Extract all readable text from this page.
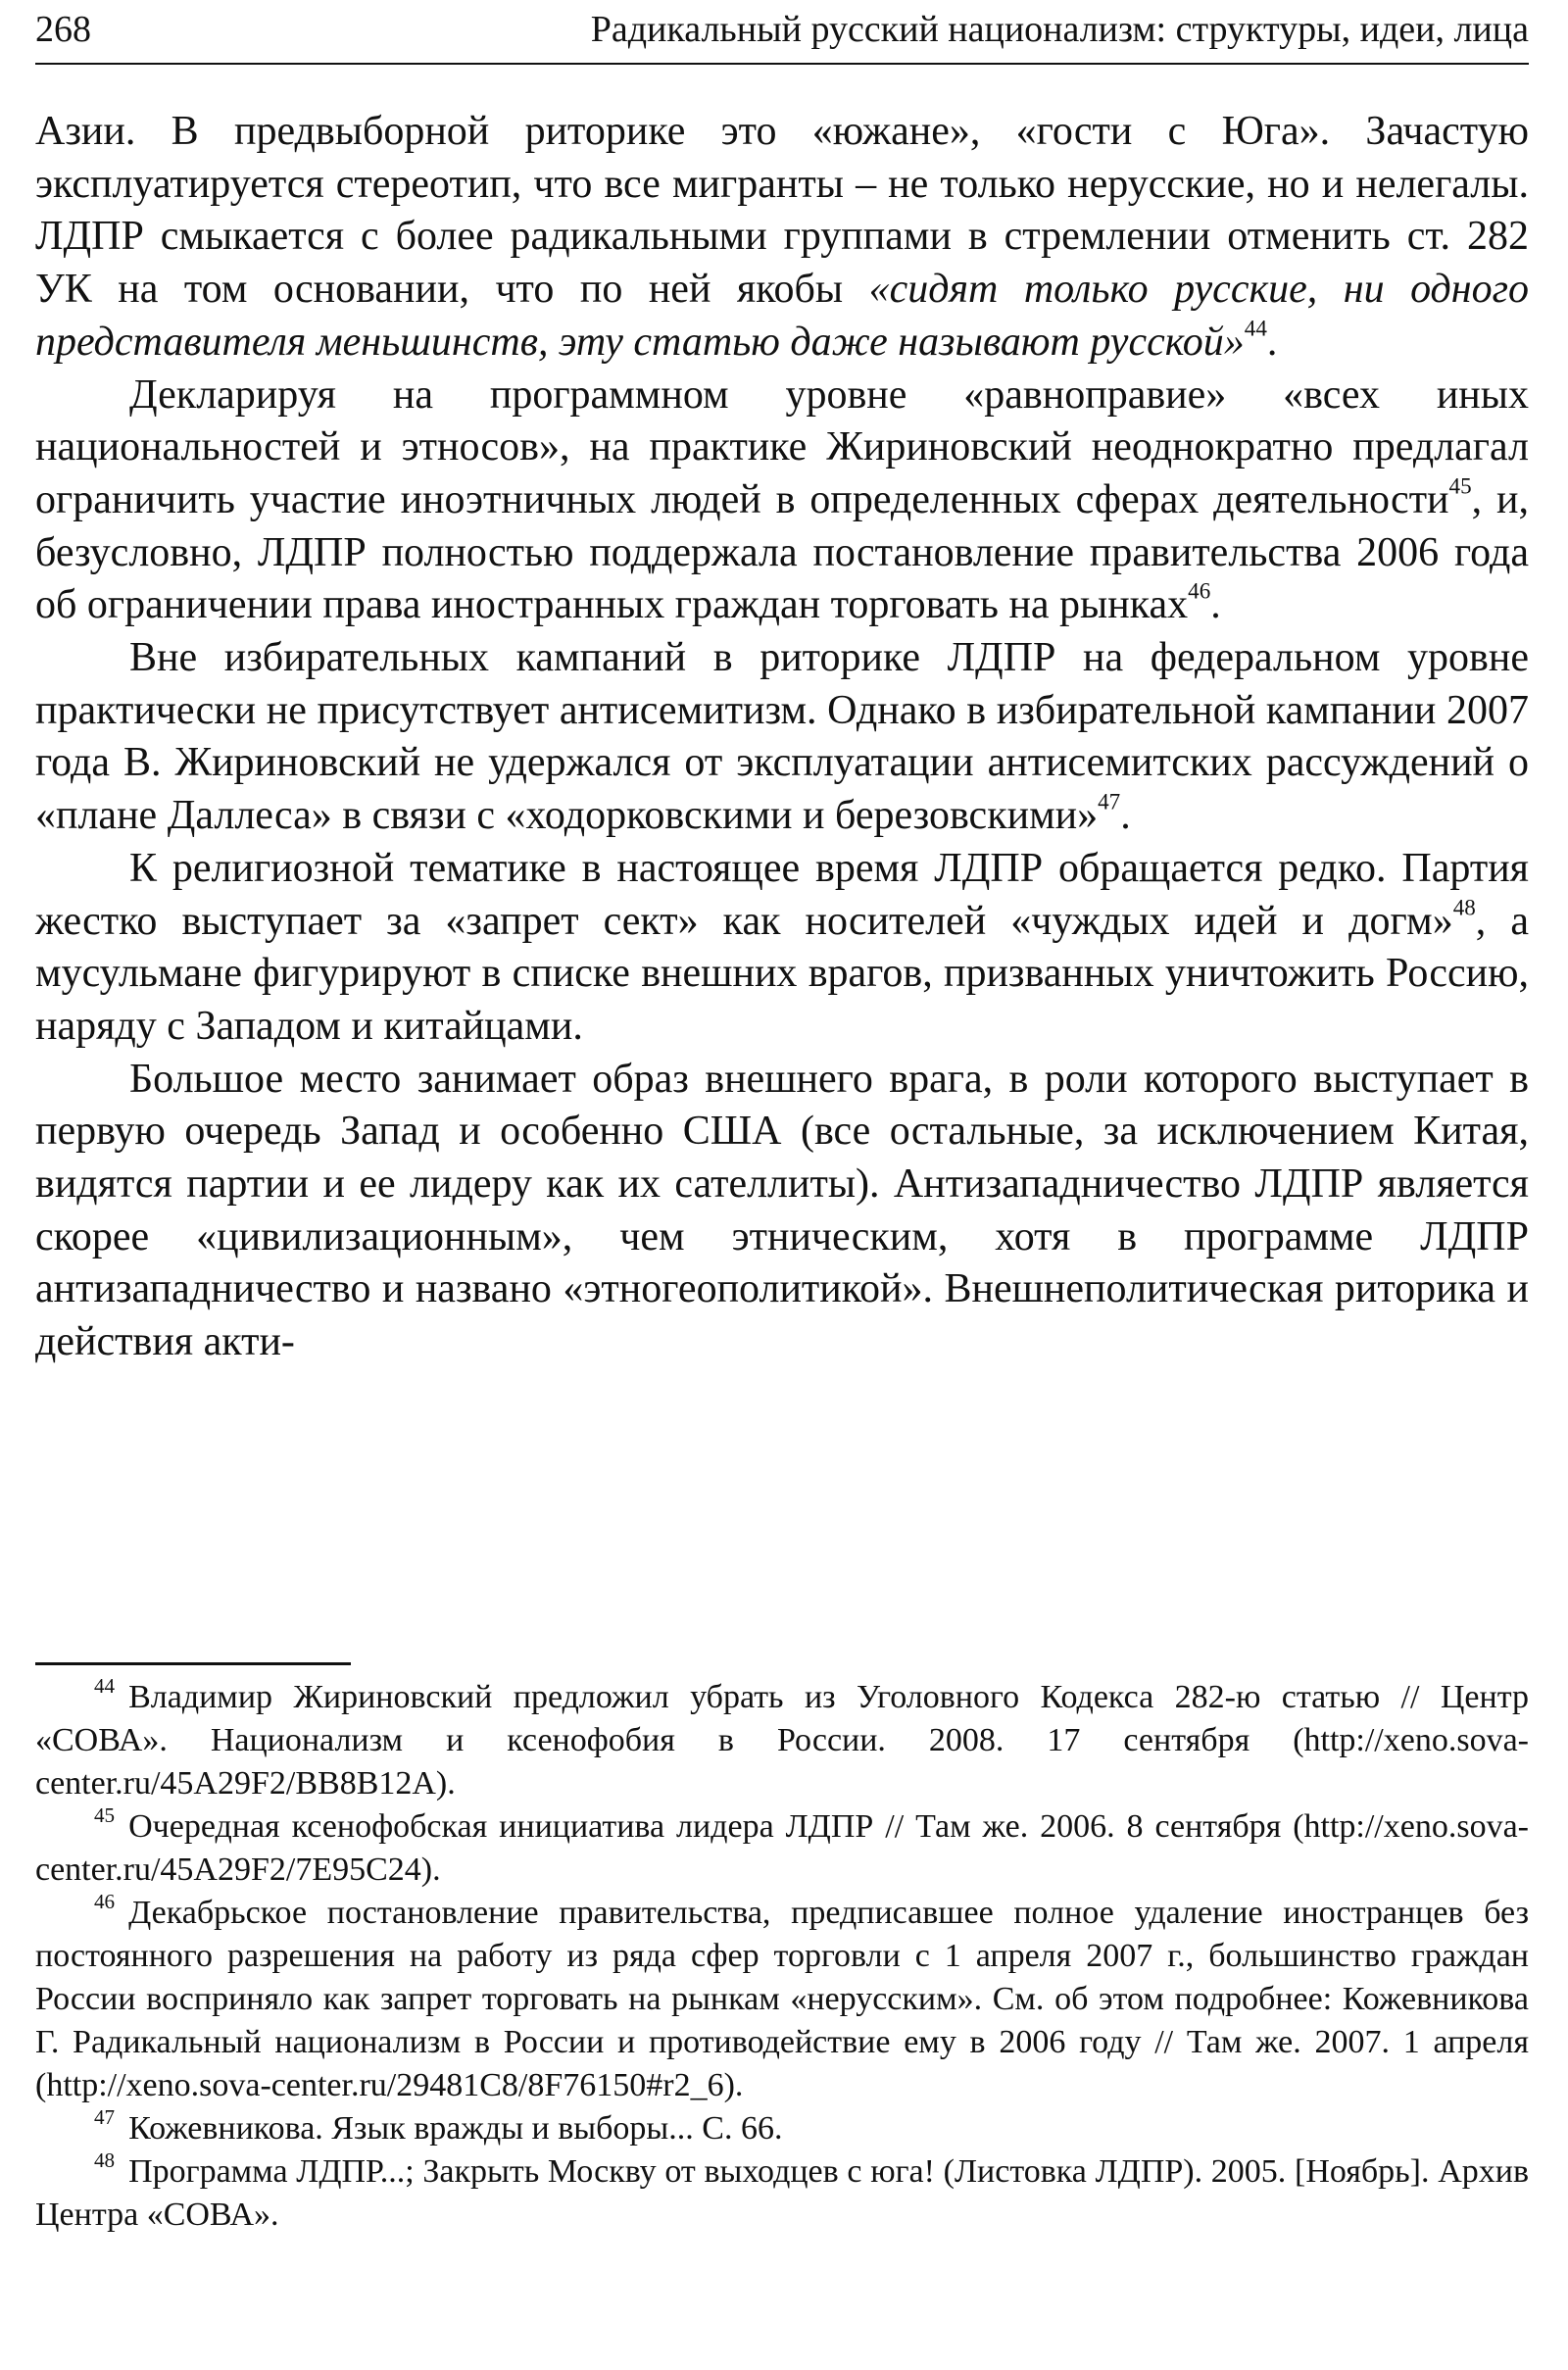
268	Радикальный русский национализм: структуры, идеи, лица

Азии. В предвыборной риторике это «южане», «гости с Юга». Зачастую эксплуатируется стереотип, что все мигранты – не только нерусские, но и нелегалы. ЛДПР смыкается с более радикальными группами в стремлении отменить ст. 282 УК на том основании, что по ней якобы «сидят только русские, ни одного представителя меньшинств, эту статью даже называют русской»$^{44}$.

Декларируя на программном уровне «равноправие» «всех иных национальностей и этносов», на практике Жириновский неоднократно предлагал ограничить участие иноэтничных людей в определенных сферах деятельности$^{45}$, и, безусловно, ЛДПР полностью поддержала постановление правительства 2006 года об ограничении права иностранных граждан торговать на рынках$^{46}$.

Вне избирательных кампаний в риторике ЛДПР на федеральном уровне практически не присутствует антисемитизм. Однако в избирательной кампании 2007 года В. Жириновский не удержался от эксплуатации антисемитских рассуждений о «плане Даллеса» в связи с «ходорковскими и березовскими»$^{47}$.

К религиозной тематике в настоящее время ЛДПР обращается редко. Партия жестко выступает за «запрет сект» как носителей «чуждых идей и догм»$^{48}$, а мусульмане фигурируют в списке внешних врагов, призванных уничтожить Россию, наряду с Западом и китайцами.

Большое место занимает образ внешнего врага, в роли которого выступает в первую очередь Запад и особенно США (все остальные, за исключением Китая, видятся партии и ее лидеру как их сателлиты). Антизападничество ЛДПР является скорее «цивилизационным», чем этническим, хотя в программе ЛДПР антизападничество и названо «этногеополитикой». Внешнеполитическая риторика и действия акти-

$^{44}$ Владимир Жириновский предложил убрать из Уголовного Кодекса 282-ю статью // Центр «СОВА». Национализм и ксенофобия в России. 2008. 17 сентября (http://xeno.sova-center.ru/45A29F2/BB8B12A).

$^{45}$ Очередная ксенофобская инициатива лидера ЛДПР // Там же. 2006. 8 сентября (http://xeno.sova-center.ru/45A29F2/7E95C24).

$^{46}$ Декабрьское постановление правительства, предписавшее полное удаление иностранцев без постоянного разрешения на работу из ряда сфер торговли с 1 апреля 2007 г., большинство граждан России восприняло как запрет торговать на рынкам «нерусским». См. об этом подробнее: Кожевникова Г. Радикальный национализм в России и противодействие ему в 2006 году // Там же. 2007. 1 апреля (http://xeno.sova-center.ru/29481C8/8F76150#r2_6).

$^{47}$ Кожевникова. Язык вражды и выборы... С. 66.

$^{48}$ Программа ЛДПР...; Закрыть Москву от выходцев с юга! (Листовка ЛДПР). 2005. [Ноябрь]. Архив Центра «СОВА».
